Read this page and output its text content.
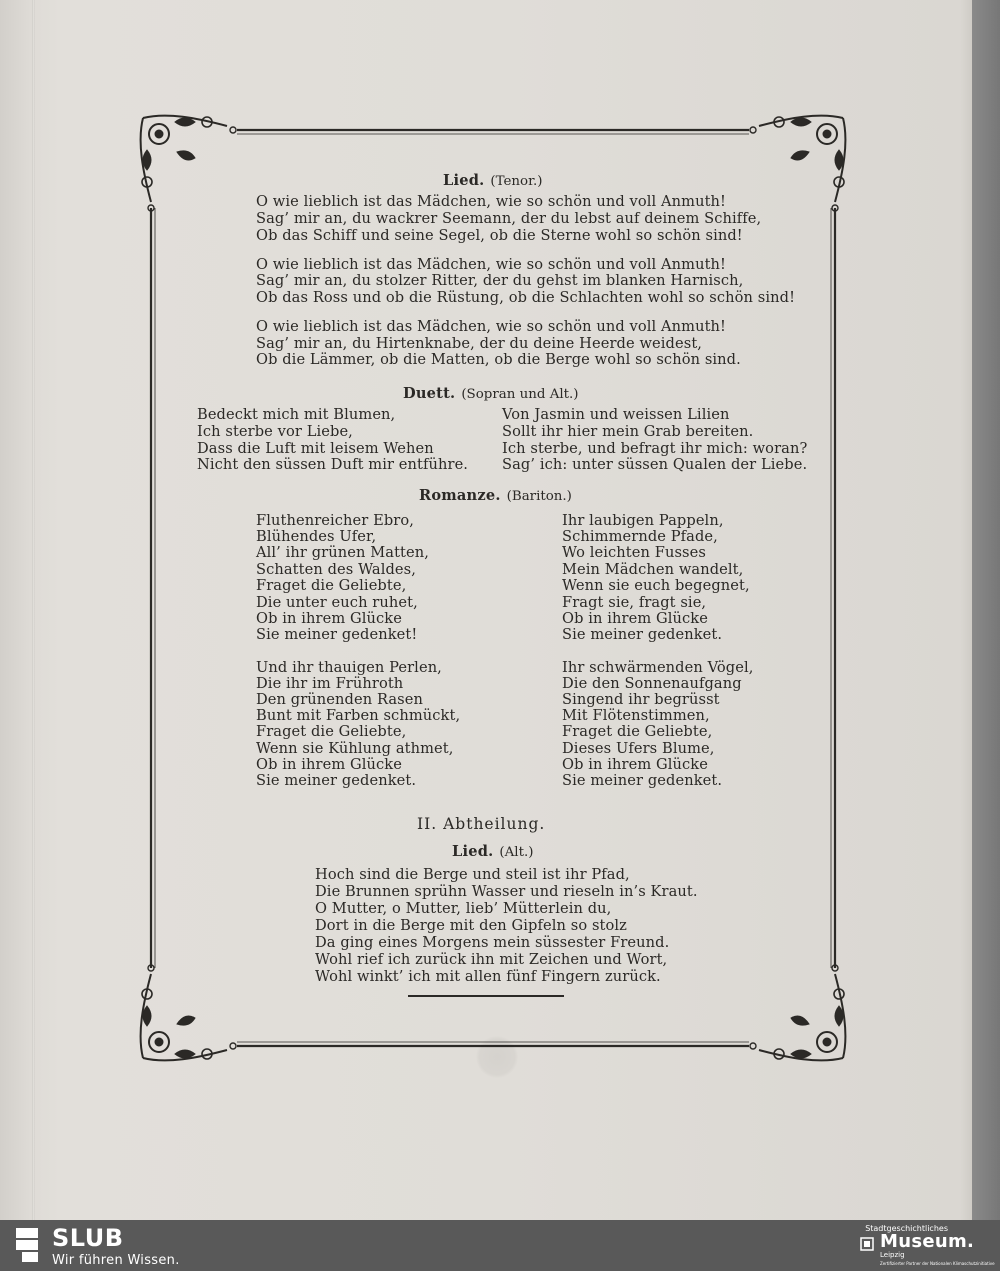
Lied. (Tenor.)
O wie lieblich ist das Mädchen, wie so schön und voll Anmuth!
Sag’ mir an, du wackrer Seemann, der du lebst auf deinem Schiffe,
Ob das Schiff und seine Segel, ob die Sterne wohl so schön sind!
O wie lieblich ist das Mädchen, wie so schön und voll Anmuth!
Sag’ mir an, du stolzer Ritter, der du gehst im blanken Harnisch,
Ob das Ross und ob die Rüstung, ob die Schlachten wohl so schön sind!
O wie lieblich ist das Mädchen, wie so schön und voll Anmuth!
Sag’ mir an, du Hirtenknabe, der du deine Heerde weidest,
Ob die Lämmer, ob die Matten, ob die Berge wohl so schön sind.
Duett. (Sopran und Alt.)
Bedeckt mich mit Blumen,
Ich sterbe vor Liebe,
Dass die Luft mit leisem Wehen
Nicht den süssen Duft mir entführe.
Von Jasmin und weissen Lilien
Sollt ihr hier mein Grab bereiten.
Ich sterbe, und befragt ihr mich: woran?
Sag’ ich: unter süssen Qualen der Liebe.
Romanze. (Bariton.)
Fluthenreicher Ebro,
Blühendes Ufer,
All’ ihr grünen Matten,
Schatten des Waldes,
Fraget die Geliebte,
Die unter euch ruhet,
Ob in ihrem Glücke
Sie meiner gedenket!
Ihr laubigen Pappeln,
Schimmernde Pfade,
Wo leichten Fusses
Mein Mädchen wandelt,
Wenn sie euch begegnet,
Fragt sie, fragt sie,
Ob in ihrem Glücke
Sie meiner gedenket.
Und ihr thauigen Perlen,
Die ihr im Frühroth
Den grünenden Rasen
Bunt mit Farben schmückt,
Fraget die Geliebte,
Wenn sie Kühlung athmet,
Ob in ihrem Glücke
Sie meiner gedenket.
Ihr schwärmenden Vögel,
Die den Sonnenaufgang
Singend ihr begrüsst
Mit Flötenstimmen,
Fraget die Geliebte,
Dieses Ufers Blume,
Ob in ihrem Glücke
Sie meiner gedenket.
II. Abtheilung.
Lied. (Alt.)
Hoch sind die Berge und steil ist ihr Pfad,
Die Brunnen sprühn Wasser und rieseln in’s Kraut.
O Mutter, o Mutter, lieb’ Mütterlein du,
Dort in die Berge mit den Gipfeln so stolz
Da ging eines Morgens mein süssester Freund.
Wohl rief ich zurück ihn mit Zeichen und Wort,
Wohl winkt’ ich mit allen fünf Fingern zurück.
SLUB
Wir führen Wissen.
Stadtgeschichtliches
Museum.
Leipzig
Zertifizierter Partner der Nationalen Klimaschutzinitiative
